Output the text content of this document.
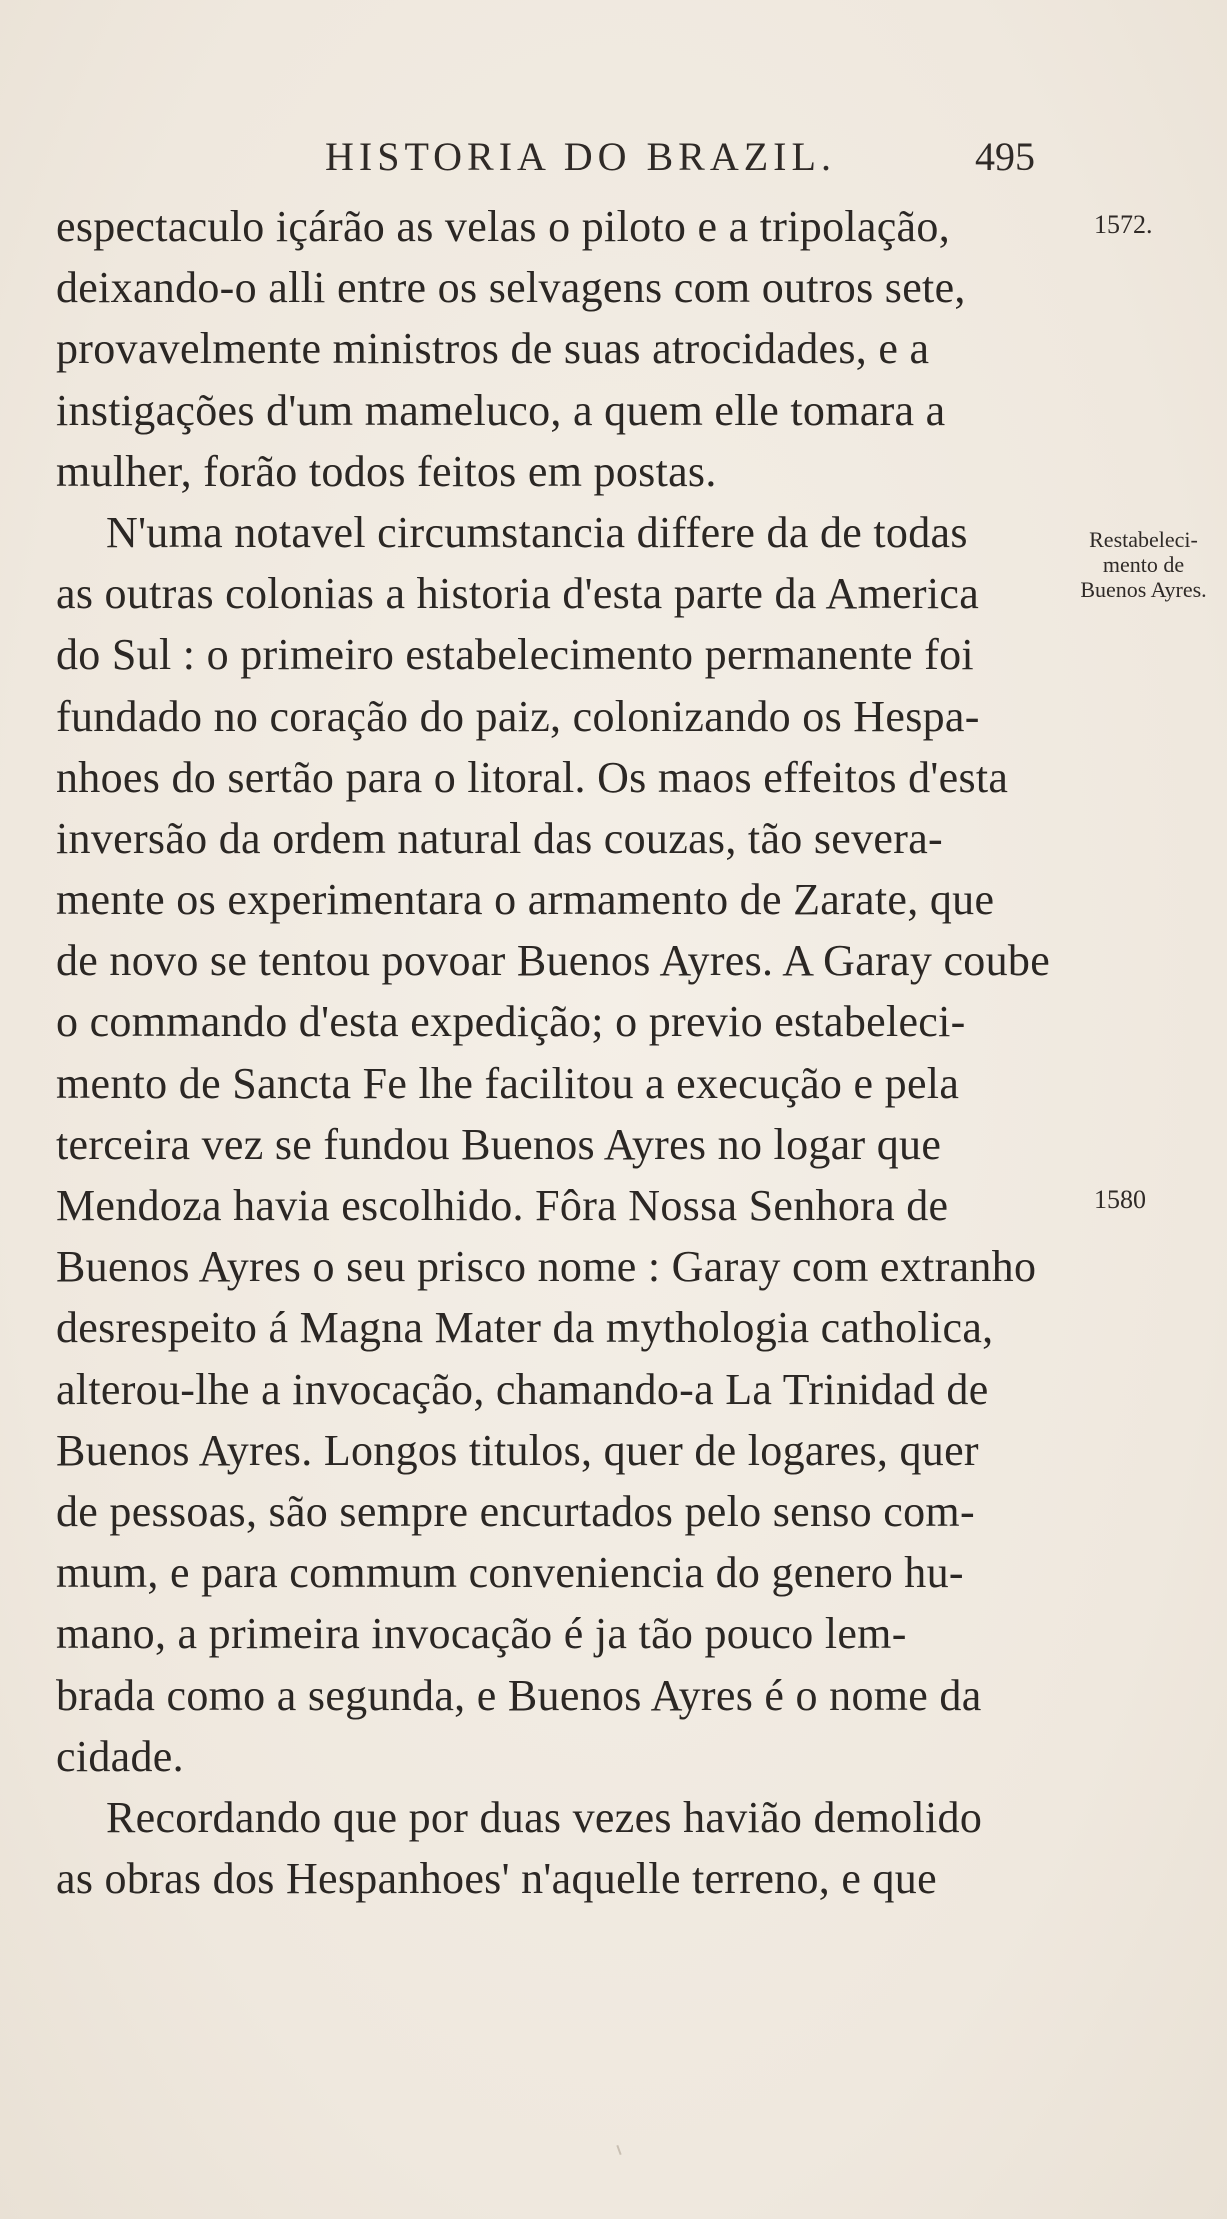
HISTORIA DO BRAZIL.	495
1572.
Restabeleci-
mento de
Buenos Ayres.
1580
espectaculo içárão as velas o piloto e a tripolação,
deixando-o alli entre os selvagens com outros sete,
provavelmente ministros de suas atrocidades, e a
instigações d'um mameluco, a quem elle tomara a
mulher, forão todos feitos em postas.
N'uma notavel circumstancia differe da de todas
as outras colonias a historia d'esta parte da America
do Sul : o primeiro estabelecimento permanente foi
fundado no coração do paiz, colonizando os Hespa-
nhoes do sertão para o litoral. Os maos effeitos d'esta
inversão da ordem natural das couzas, tão severa-
mente os experimentara o armamento de Zarate, que
de novo se tentou povoar Buenos Ayres. A Garay coube
o commando d'esta expedição; o previo estabeleci-
mento de Sancta Fe lhe facilitou a execução e pela
terceira vez se fundou Buenos Ayres no logar que
Mendoza havia escolhido. Fôra Nossa Senhora de
Buenos Ayres o seu prisco nome : Garay com extranho
desrespeito á Magna Mater da mythologia catholica,
alterou-lhe a invocação, chamando-a La Trinidad de
Buenos Ayres. Longos titulos, quer de logares, quer
de pessoas, são sempre encurtados pelo senso com-
mum, e para commum conveniencia do genero hu-
mano, a primeira invocação é ja tão pouco lem-
brada como a segunda, e Buenos Ayres é o nome da
cidade.
Recordando que por duas vezes havião demolido
as obras dos Hespanhoes' n'aquelle terreno, e que
